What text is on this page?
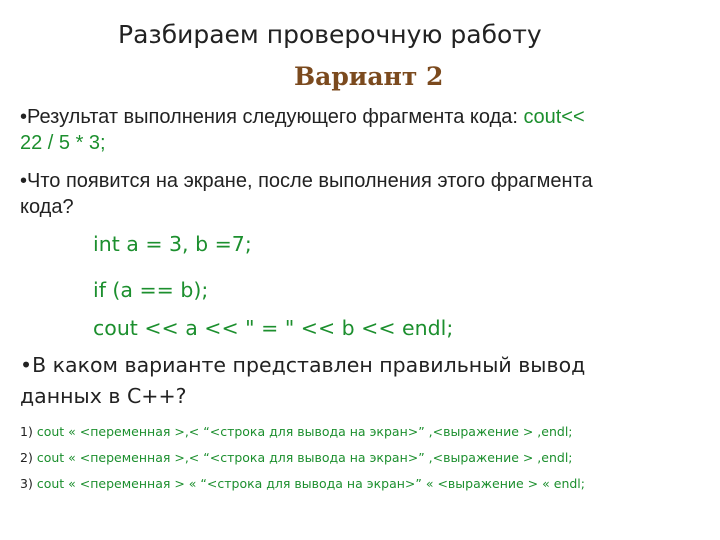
Разбираем проверочную работу
Вариант 2
•Результат выполнения следующего фрагмента кода: cout<<
22 / 5 * 3;
•Что появится на экране, после выполнения этого фрагмента
кода?
int a = 3, b =7;
if (a == b);
cout << a << " = " << b << endl;
•В каком варианте представлен правильный вывод
данных в С++?
1) cout « <переменная >,< “<строка для вывода на экран>” ,<выражение > ,endl;
2) cout « <переменная >,< “<строка для вывода на экран>” ,<выражение > ,endl;
3) cout « <переменная > « “<строка для вывода на экран>” « <выражение > « endl;
